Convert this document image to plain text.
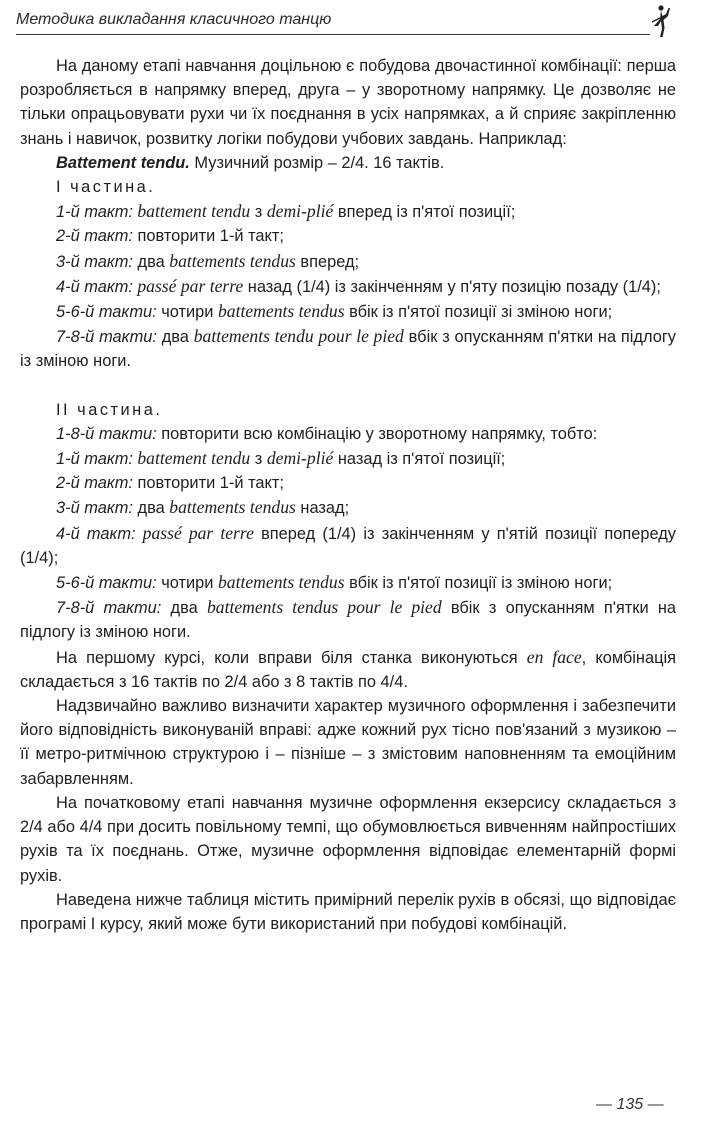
Методика викладання класичного танцю

На даному етапі навчання доцільною є побудова двочастинної комбінації: перша розробляється в напрямку вперед, друга – у зворотному напрямку. Це дозволяє не тільки опрацьовувати рухи чи їх поєднання в усіх напрямках, а й сприяє закріпленню знань і навичок, розвитку логіки побудови учбових завдань. Наприклад:

Battement tendu. Музичний розмір – 2/4. 16 тактів.

І частина.

1-й такт: battement tendu з demi-plié вперед із п'ятої позиції;

2-й такт: повторити 1-й такт;

3-й такт: два battements tendus вперед;

4-й такт: passé par terre назад (1/4) із закінченням у п'яту позицію позаду (1/4);

5-6-й такти: чотири battements tendus вбік із п'ятої позиції зі зміною ноги;

7-8-й такти: два battements tendu pour le pied вбік з опусканням п'ятки на підлогу із зміною ноги.

ІІ частина.

1-8-й такти: повторити всю комбінацію у зворотному напрямку, тобто:

1-й такт: battement tendu з demi-plié назад із п'ятої позиції;

2-й такт: повторити 1-й такт;

3-й такт: два battements tendus назад;

4-й такт: passé par terre вперед (1/4) із закінченням у п'ятій позиції попереду (1/4);

5-6-й такти: чотири battements tendus вбік із п'ятої позиції із зміною ноги;

7-8-й такти: два battements tendus pour le pied вбік з опусканням п'ятки на підлогу із зміною ноги.

На першому курсі, коли вправи біля станка виконуються en face, комбінація складається з 16 тактів по 2/4 або з 8 тактів по 4/4.

Надзвичайно важливо визначити характер музичного оформлення і забезпечити його відповідність виконуваній вправі: адже кожний рух тісно пов'язаний з музикою – її метро-ритмічною структурою і – пізніше – з змістовим наповненням та емоційним забарвленням.

На початковому етапі навчання музичне оформлення екзерсису складається з 2/4 або 4/4 при досить повільному темпі, що обумовлюється вивченням найпростіших рухів та їх поєднань. Отже, музичне оформлення відповідає елементарній формі рухів.

Наведена нижче таблиця містить примірний перелік рухів в обсязі, що відповідає програмі І курсу, який може бути використаний при побудові комбінацій.

— 135 —
